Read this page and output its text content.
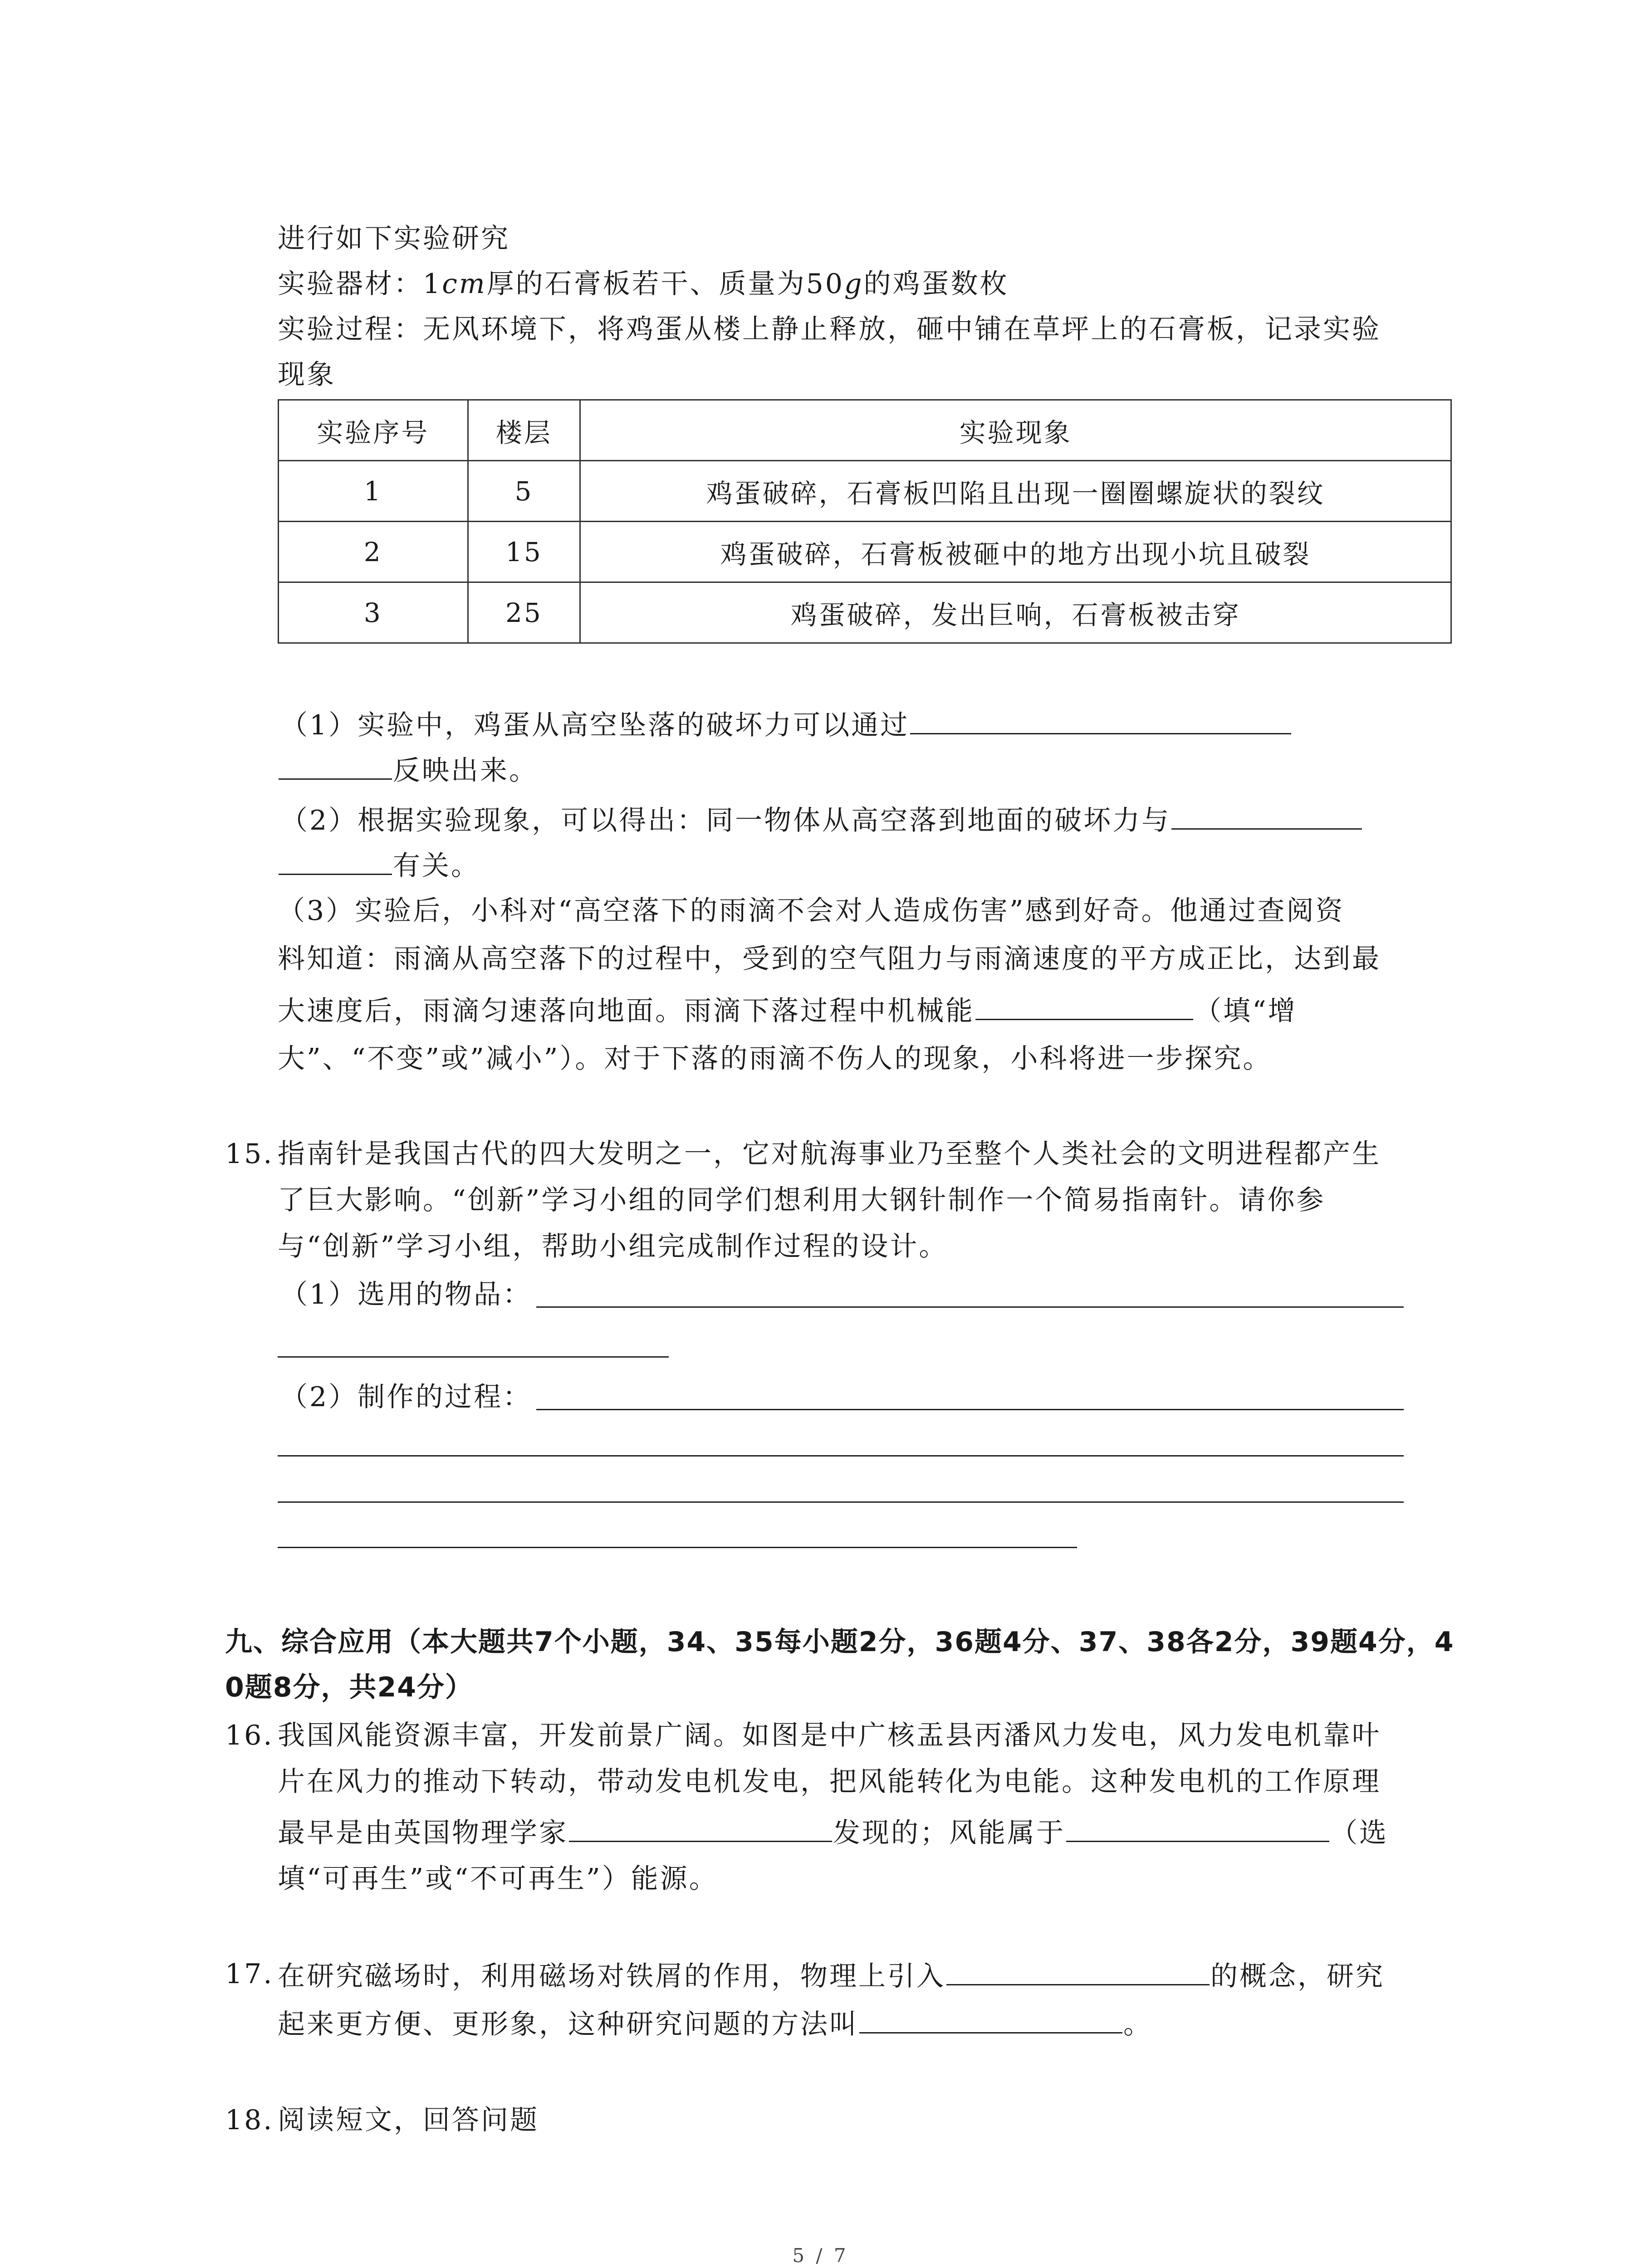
进行如下实验研究
实验器材：1cm厚的石膏板若干、质量为50g的鸡蛋数枚
实验过程：无风环境下，将鸡蛋从楼上静止释放，砸中铺在草坪上的石膏板，记录实验
现象
实验序号	楼层	实验现象
1	5	鸡蛋破碎，石膏板凹陷且出现一圈圈螺旋状的裂纹
2	15	鸡蛋破碎，石膏板被砸中的地方出现小坑且破裂
3	25	鸡蛋破碎，发出巨响，石膏板被击穿
（1）实验中，鸡蛋从高空坠落的破坏力可以通过
反映出来。
（2）根据实验现象，可以得出：同一物体从高空落到地面的破坏力与
有关。
（3）实验后，小科对“高空落下的雨滴不会对人造成伤害”感到好奇。他通过查阅资
料知道：雨滴从高空落下的过程中，受到的空气阻力与雨滴速度的平方成正比，达到最
大速度后，雨滴匀速落向地面。雨滴下落过程中机械能	（填“增
大”、“不变”或”减小”）。对于下落的雨滴不伤人的现象，小科将进一步探究。
15. 指南针是我国古代的四大发明之一，它对航海事业乃至整个人类社会的文明进程都产生
了巨大影响。“创新”学习小组的同学们想利用大钢针制作一个简易指南针。请你参
与“创新”学习小组，帮助小组完成制作过程的设计。
（1）选用的物品：
（2）制作的过程：
九、综合应用（本大题共7个小题，34、35每小题2分，36题4分、37、38各2分，39题4分，4
0题8分，共24分）
16. 我国风能资源丰富，开发前景广阔。如图是中广核盂县丙潘风力发电，风力发电机靠叶
片在风力的推动下转动，带动发电机发电，把风能转化为电能。这种发电机的工作原理
最早是由英国物理学家	发现的；风能属于	（选
填“可再生”或“不可再生”）能源。
17. 在研究磁场时，利用磁场对铁屑的作用，物理上引入	的概念，研究
起来更方便、更形象，这种研究问题的方法叫	。
18. 阅读短文，回答问题
5 / 7
